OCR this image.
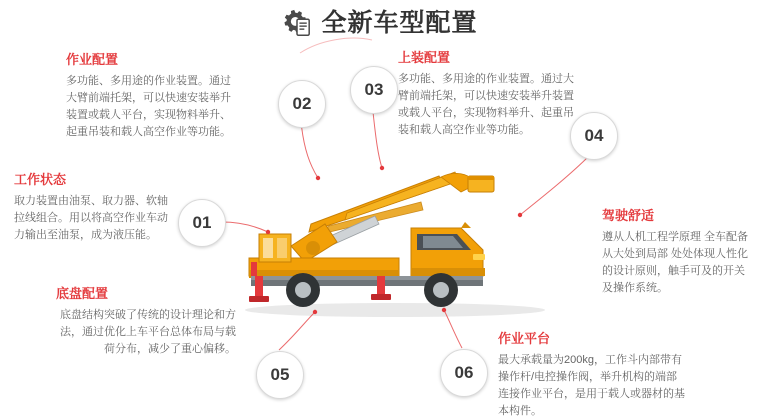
全新车型配置
01
02
03
04
05	06

作业配置

多功能、多用途的作业装置。通过大臂前端托架，可以快速安装举升装置或载人平台，实现物料举升、起重吊装和载人高空作业等功能。

上装配置

多功能、多用途的作业装置。通过大臂前端托架，可以快速安装举升装置或载人平台，实现物料举升、起重吊装和载人高空作业等功能。

工作状态

取力装置由油泵、取力器、软轴拉线组合。用以将高空作业车动力输出至油泵，成为液压能。

驾驶舒适

遵从人机工程学原理 全车配备从大处到局部 处处体现人性化的设计原则，触手可及的开关及操作系统。

底盘配置

底盘结构突破了传统的设计理论和方法，通过优化上车平台总体布局与载荷分布，减少了重心偏移。

作业平台

最大承载量为200kg，工作斗内部带有操作杆/电控操作阀，举升机构的端部连接作业平台，是用于载人或器材的基本构件。
